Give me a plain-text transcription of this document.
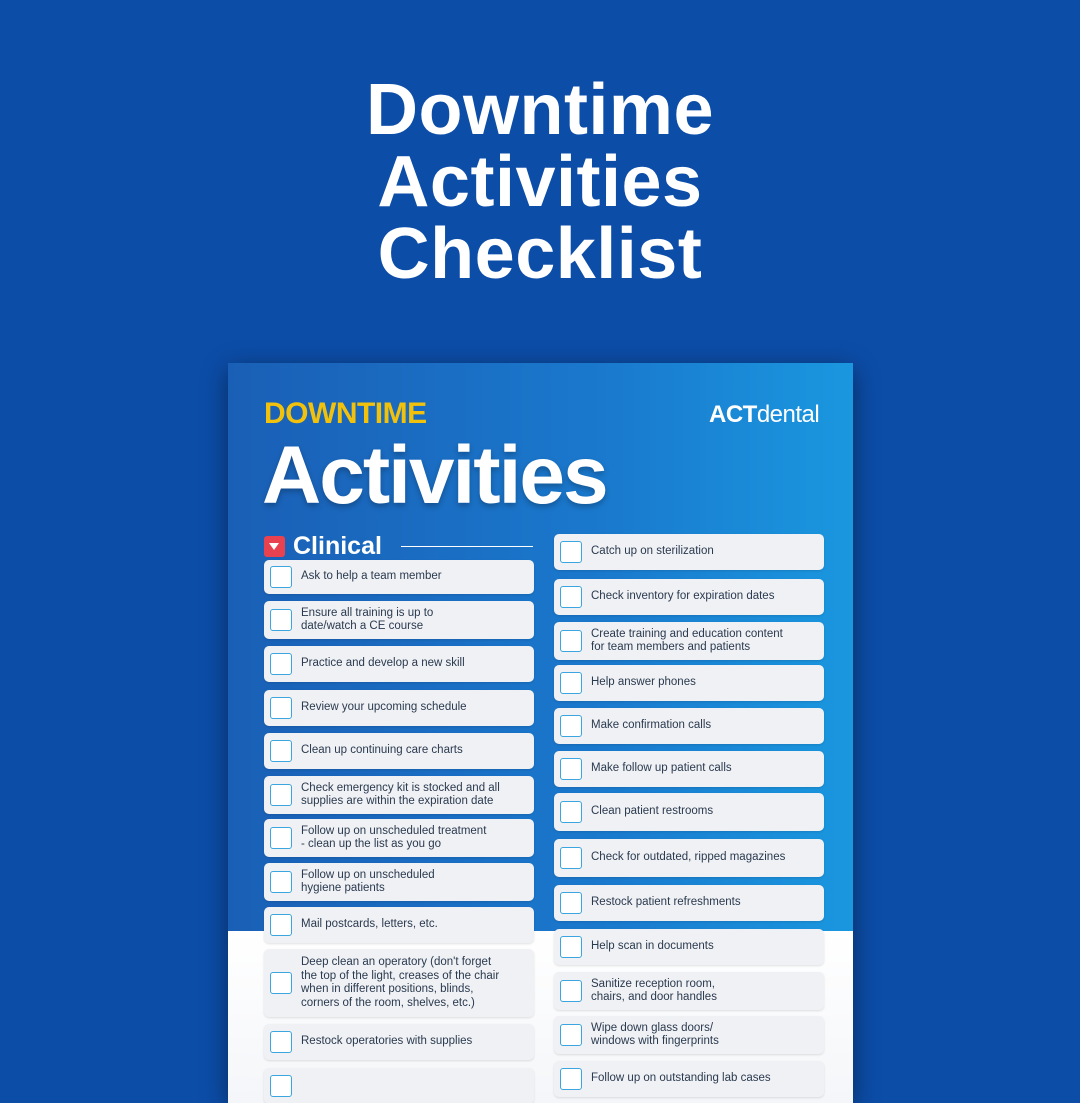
Downtime
Activities
Checklist
DOWNTIME	ACTdental
Activities
Clinical
Ask to help a team member
Ensure all training is up to
date/watch a CE course
Practice and develop a new skill
Review your upcoming schedule
Clean up continuing care charts
Check emergency kit is stocked and all
supplies are within the expiration date
Follow up on unscheduled treatment
- clean up the list as you go
Follow up on unscheduled
hygiene patients
Mail postcards, letters, etc.
Deep clean an operatory (don't forget
the top of the light, creases of the chair
when in different positions, blinds,
corners of the room, shelves, etc.)
Restock operatories with supplies
Catch up on sterilization
Check inventory for expiration dates
Create training and education content
for team members and patients
Help answer phones
Make confirmation calls
Make follow up patient calls
Clean patient restrooms
Check for outdated, ripped magazines
Restock patient refreshments
Help scan in documents
Sanitize reception room,
chairs, and door handles
Wipe down glass doors/
windows with fingerprints
Follow up on outstanding lab cases
